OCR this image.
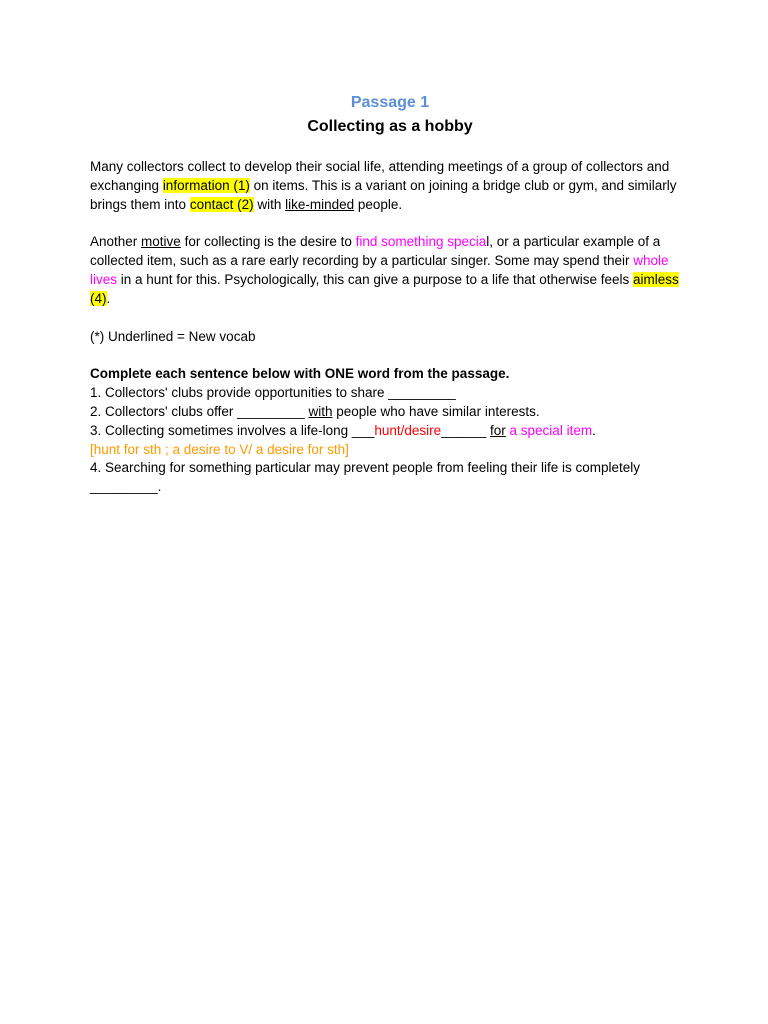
Passage 1
Collecting as a hobby

Many collectors collect to develop their social life, attending meetings of a group of collectors and exchanging information (1) on items. This is a variant on joining a bridge club or gym, and similarly brings them into contact (2) with like-minded people.

Another motive for collecting is the desire to find something special, or a particular example of a collected item, such as a rare early recording by a particular singer. Some may spend their whole lives in a hunt for this. Psychologically, this can give a purpose to a life that otherwise feels aimless (4).

(*) Underlined = New vocab

Complete each sentence below with ONE word from the passage.
1. Collectors' clubs provide opportunities to share _________
2. Collectors' clubs offer _________ with people who have similar interests.
3. Collecting sometimes involves a life-long ___hunt/desire______ for a special item.
[hunt for sth ; a desire to V/ a desire for sth]
4. Searching for something particular may prevent people from feeling their life is completely _________.
